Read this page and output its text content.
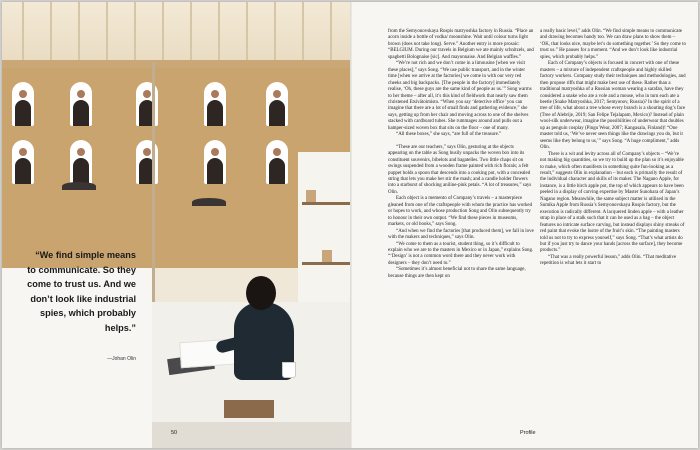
“We find simple means to communicate. So they come to trust us. And we don’t look like industrial spies, which probably helps.”
—Johan Olin
50

from the Semyonovskaya Rospis matryoshka factory in Russia. “Place an acorn inside a bottle of vodka/ moonshine. Wait until colour turns light brown (does not take long). Serve.” Another entry is more prosaic: “BELGIUM. During our travels in Belgium we ate mainly schnitzels, and spaghetti Bolognaise [sic]. And mayonnaise. And Belgian waffles.”

“We’re not rich and we don’t come in a limousine [when we visit these places],” says Song. “We use public transport, and in the winter time [when we arrive at the factories] we come in with our very red cheeks and big backpacks. [The people in the factory] immediately realise, ‘Oh, these guys are the same kind of people as us.’” Song warms to her theme – after all, it’s this kind of fieldwork that nearly saw them christened Etsivätoimisto. “When you say ‘detective office’ you can imagine that there are a lot of small finds and gathering evidence,” she says, getting up from her chair and moving across to one of the shelves stacked with cardboard tubes. She rummages around and pulls out a hamper-sized woven box that sits on the floor – one of many.

“All these boxes,” she says, “are full of the treasure.”

“These are our teachers,” says Olin, gesturing at the objects appearing on the table as Song busily unpacks the woven box into its constituent souvenirs, bibelots and bagatelles. Two little chaps sit on swings suspended from a wooden frame painted with rich florals; a felt puppet holds a spoon that descends into a cooking pot, with a concealed string that lets you make her stir the mash; and a candle holder flowers into a starburst of shocking aniline-pink petals. “A lot of treasures,” says Olin.

Each object is a memento of Company’s travels – a masterpiece gleaned from one of the craftspeople with whom the practice has worked or hopes to work, and whose production Song and Olin subsequently try to honour in their own output. “We find these pieces in museums, markets, or old books,” says Song.

“And when we find the factories [that produced them], we fall in love with the makers and techniques,” says Olin.

“We come to them as a tourist, student thing, so it’s difficult to explain who we are to the masters in Mexico or in Japan,” explains Song. “‘Design’ is not a common word there and they never work with designers – they don’t need to.”

“Sometimes it’s almost beneficial not to share the same language, because things are then kept on

a really basic level,” adds Olin. “We find simple means to communicate and drawing becomes handy too. We can draw plans to show them – ‘OK, that looks nice, maybe let’s do something together.’ So they come to trust us.” He pauses for a moment. “And we don’t look like industrial spies, which probably helps.”

Each of Company’s objects is focused in concert with one of these masters – a mixture of independent craftspeople and highly skilled factory workers. Company study their techniques and methodologies, and then propose riffs that might make best use of these. Rather than a traditional matryoshka of a Russian woman wearing a sarafan, have they considered a snake who ate a vole and a mouse, who in turn each ate a beetle (Snake Matryoshka, 2017; Semyonov, Russia)? In the spirit of a tree of life, what about a tree whose every branch is a shouting dog’s face (Tree of Alebrije, 2019; San Felipe Tejalapam, Mexico)? Instead of plain wool-silk underwear, imagine the possibilities of underwear that doubles up as penguin cosplay (Pingu Wear, 2007; Kangasala, Finland)! “One master told us, ‘We’ve never seen things like the drawings you do, but it seems like they belong to us,’” says Song. “A huge compliment,” adds Olin.

There is a wit and levity across all of Company’s objects – “We’re not making big quantities, so we try to build up the plan so it’s enjoyable to make, which often manifests in something quite fun-looking as a result,” suggests Olin in explanation – but each is primarily the result of the individual character and skills of its maker. The Nagano Apple, for instance, is a little birch apple pot, the top of which appears to have been peeled in a display of carving expertise by Master Sunohara of Japan’s Nagano region. Meanwhile, the same subject matter is utilised in the Sumika Apple from Russia’s Semyonovskaya Rospis factory, but the execution is radically different. A lacquered linden apple – with a leather strap in place of a stalk such that it can be used as a bag – the object features no intricate surface carving, but instead displays shiny streaks of red paint that evoke the lustre of the fruit’s skin. “The painting masters told us not to try to express yourself,” says Song. “That’s what artists do but if you just try to dance your hands [across the surface], they become products.”

“That was a really powerful lesson,” adds Olin. “That meditative repetition is what lets it start to

Profile
